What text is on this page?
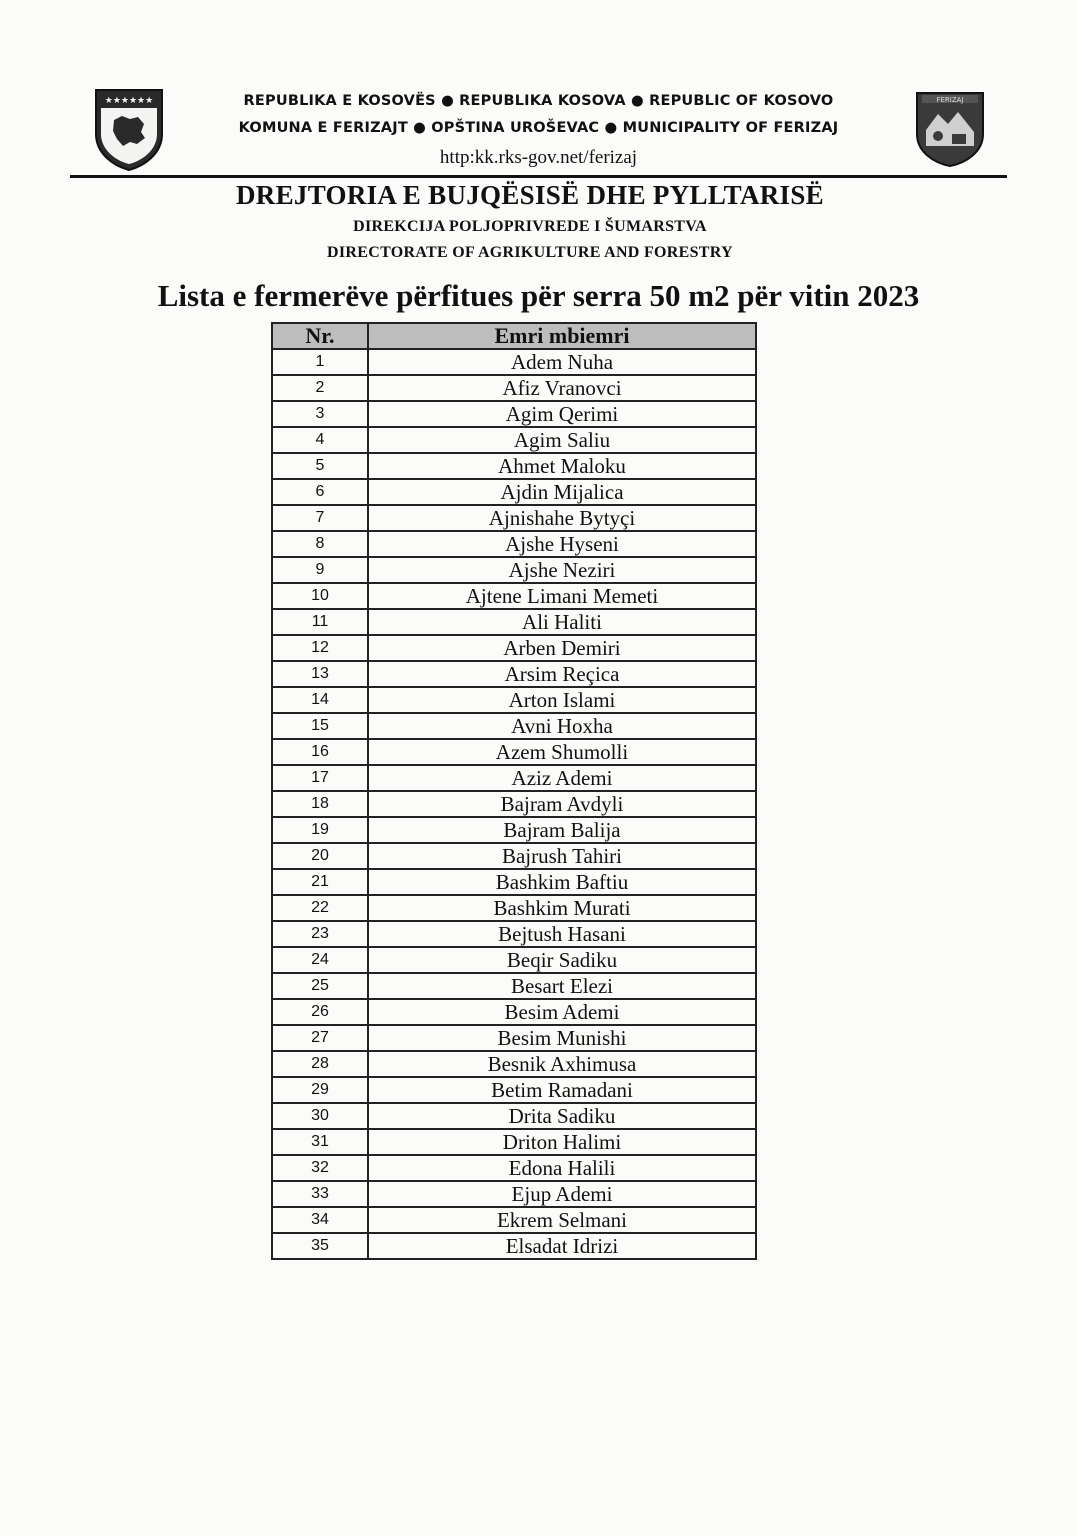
★★★★★★	FERIZAJ
REPUBLIKA E KOSOVËS ● REPUBLIKA KOSOVA ● REPUBLIC OF KOSOVO
KOMUNA E FERIZAJT ● OPŠTINA UROŠEVAC ● MUNICIPALITY OF FERIZAJ
http:kk.rks-gov.net/ferizaj
DREJTORIA E BUJQËSISË DHE PYLLTARISË
DIREKCIJA POLJOPRIVREDE I ŠUMARSTVA
DIRECTORATE OF AGRIKULTURE AND FORESTRY
Lista e fermerëve përfitues për serra 50 m2 për vitin 2023
Nr.	Emri mbiemri
1	Adem Nuha
2	Afiz Vranovci
3	Agim Qerimi
4	Agim Saliu
5	Ahmet Maloku
6	Ajdin Mijalica
7	Ajnishahe Bytyçi
8	Ajshe Hyseni
9	Ajshe Neziri
10	Ajtene Limani Memeti
11	Ali Haliti
12	Arben Demiri
13	Arsim Reçica
14	Arton Islami
15	Avni Hoxha
16	Azem Shumolli
17	Aziz Ademi
18	Bajram Avdyli
19	Bajram Balija
20	Bajrush Tahiri
21	Bashkim Baftiu
22	Bashkim Murati
23	Bejtush Hasani
24	Beqir Sadiku
25	Besart Elezi
26	Besim Ademi
27	Besim Munishi
28	Besnik Axhimusa
29	Betim Ramadani
30	Drita Sadiku
31	Driton Halimi
32	Edona Halili
33	Ejup Ademi
34	Ekrem Selmani
35	Elsadat Idrizi
